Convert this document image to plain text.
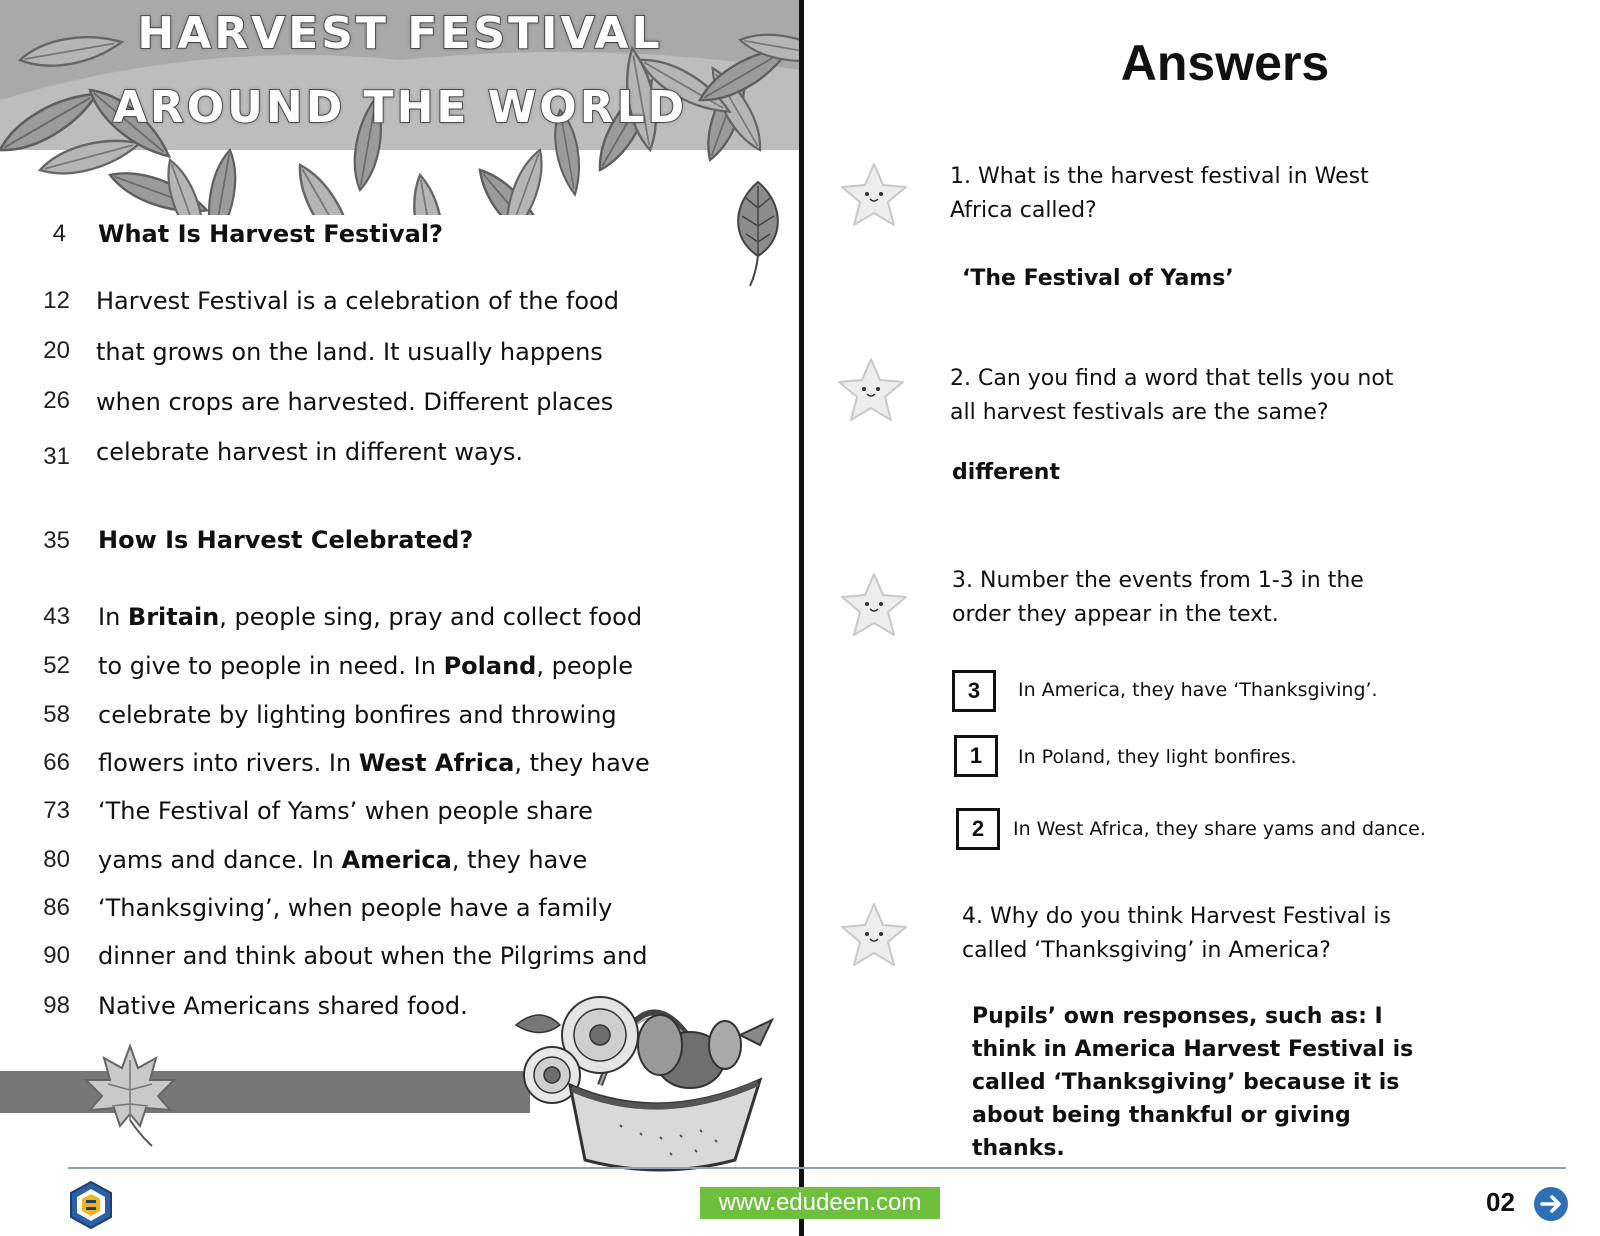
HARVEST FESTIVAL
AROUND THE WORLD
4 What Is Harvest Festival?
12 Harvest Festival is a celebration of the food
20 that grows on the land. It usually happens
26 when crops are harvested. Different places
31 celebrate harvest in different ways.
35 How Is Harvest Celebrated?
43 In Britain, people sing, pray and collect food
52 to give to people in need. In Poland, people
58 celebrate by lighting bonfires and throwing
66 flowers into rivers. In West Africa, they have
73 ‘The Festival of Yams’ when people share
80 yams and dance. In America, they have
86 ‘Thanksgiving’, when people have a family
90 dinner and think about when the Pilgrims and
98 Native Americans shared food.
Answers
1. What is the harvest festival in West Africa called?
‘The Festival of Yams’
2. Can you find a word that tells you not all harvest festivals are the same?
different
3. Number the events from 1-3 in the order they appear in the text.
3	In America, they have ‘Thanksgiving’.
1	In Poland, they light bonfires.
2	In West Africa, they share yams and dance.
4. Why do you think Harvest Festival is called ‘Thanksgiving’ in America?
Pupils’ own responses, such as: I think in America Harvest Festival is called ‘Thanksgiving’ because it is about being thankful or giving thanks.
www.edudeen.com	02
